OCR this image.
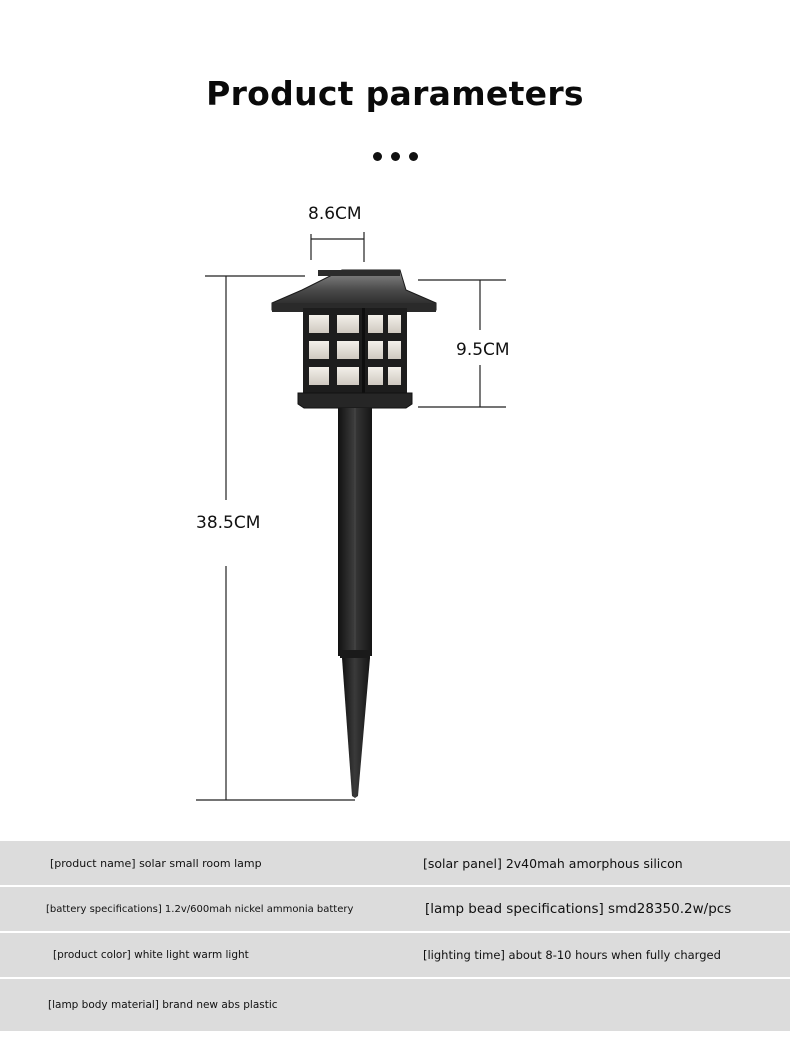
Product parameters
8.6CM
9.5CM
38.5CM
[product name] solar small room lamp	[solar panel] 2v40mah amorphous silicon
[battery specifications] 1.2v/600mah nickel ammonia battery	[lamp bead specifications] smd28350.2w/pcs
[product color] white light warm light	[lighting time] about 8-10 hours when fully charged
[lamp body material] brand new abs plastic
